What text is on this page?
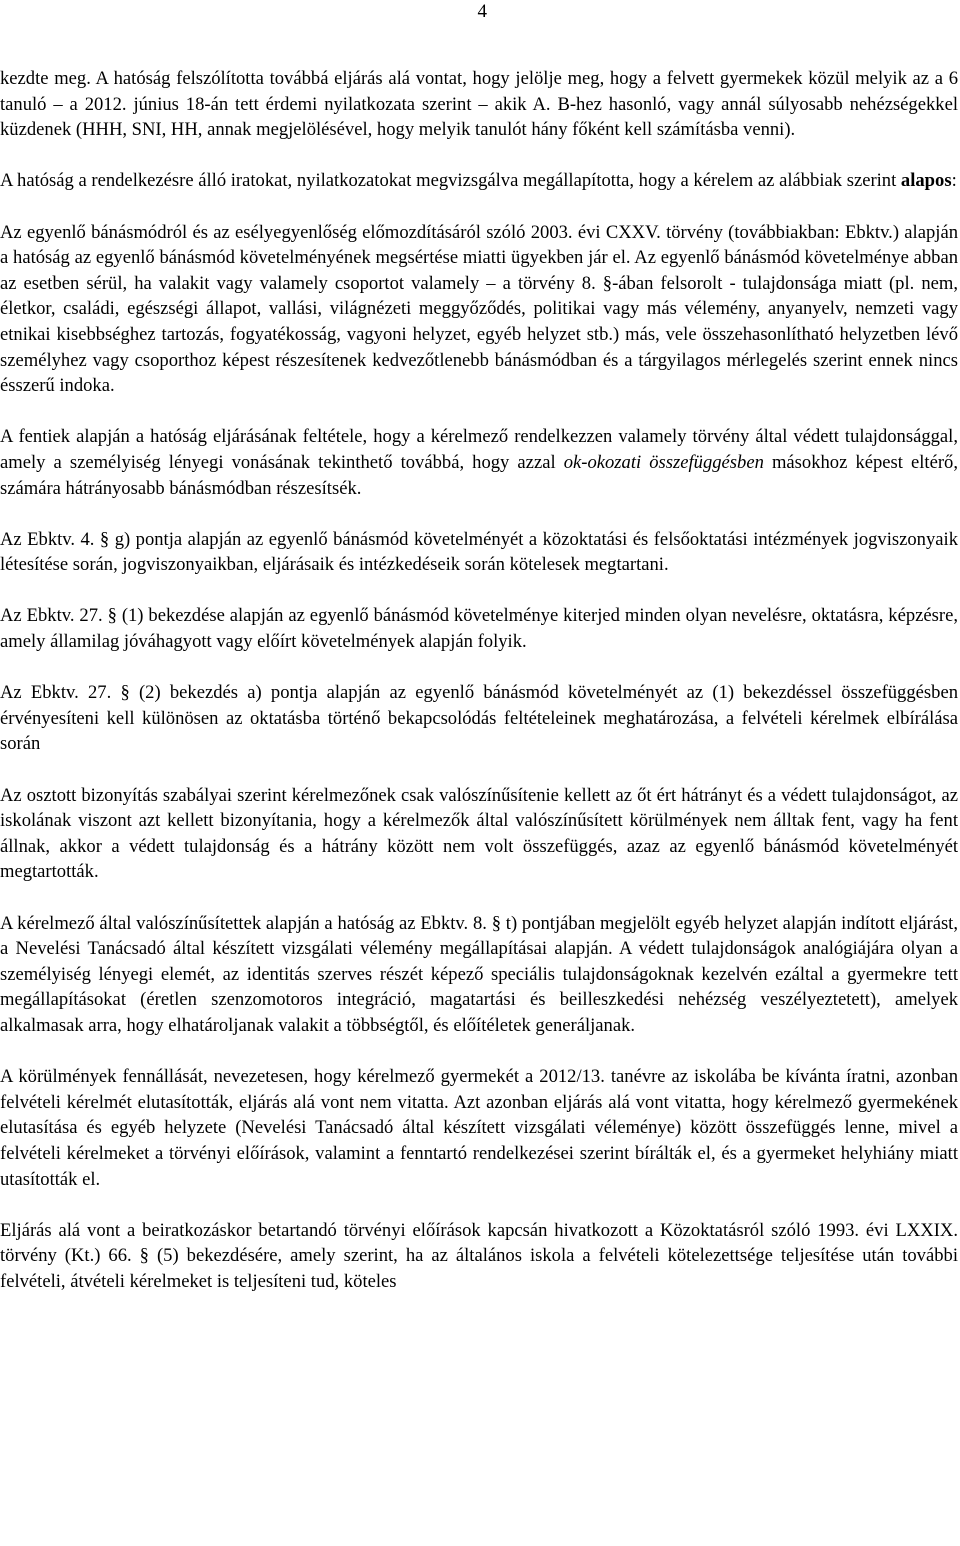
4

kezdte meg. A hatóság felszólította továbbá eljárás alá vontat, hogy jelölje meg, hogy a felvett gyermekek közül melyik az a 6 tanuló – a 2012. június 18-án tett érdemi nyilatkozata szerint – akik A. B-hez hasonló, vagy annál súlyosabb nehézségekkel küzdenek (HHH, SNI, HH, annak megjelölésével, hogy melyik tanulót hány főként kell számításba venni).

A hatóság a rendelkezésre álló iratokat, nyilatkozatokat megvizsgálva megállapította, hogy a kérelem az alábbiak szerint alapos:

Az egyenlő bánásmódról és az esélyegyenlőség előmozdításáról szóló 2003. évi CXXV. törvény (továbbiakban: Ebktv.) alapján a hatóság az egyenlő bánásmód követelményének megsértése miatti ügyekben jár el. Az egyenlő bánásmód követelménye abban az esetben sérül, ha valakit vagy valamely csoportot valamely – a törvény 8. §-ában felsorolt - tulajdonsága miatt (pl. nem, életkor, családi, egészségi állapot, vallási, világnézeti meggyőződés, politikai vagy más vélemény, anyanyelv, nemzeti vagy etnikai kisebbséghez tartozás, fogyatékosság, vagyoni helyzet, egyéb helyzet stb.) más, vele összehasonlítható helyzetben lévő személyhez vagy csoporthoz képest részesítenek kedvezőtlenebb bánásmódban és a tárgyilagos mérlegelés szerint ennek nincs ésszerű indoka.

A fentiek alapján a hatóság eljárásának feltétele, hogy a kérelmező rendelkezzen valamely törvény által védett tulajdonsággal, amely a személyiség lényegi vonásának tekinthető továbbá, hogy azzal ok-okozati összefüggésben másokhoz képest eltérő, számára hátrányosabb bánásmódban részesítsék.

Az Ebktv. 4. § g) pontja alapján az egyenlő bánásmód követelményét a közoktatási és felsőoktatási intézmények jogviszonyaik létesítése során, jogviszonyaikban, eljárásaik és intézkedéseik során kötelesek megtartani.

Az Ebktv. 27. § (1) bekezdése alapján az egyenlő bánásmód követelménye kiterjed minden olyan nevelésre, oktatásra, képzésre, amely államilag jóváhagyott vagy előírt követelmények alapján folyik.

Az Ebktv. 27. § (2) bekezdés a) pontja alapján az egyenlő bánásmód követelményét az (1) bekezdéssel összefüggésben érvényesíteni kell különösen az oktatásba történő bekapcsolódás feltételeinek meghatározása, a felvételi kérelmek elbírálása során

Az osztott bizonyítás szabályai szerint kérelmezőnek csak valószínűsítenie kellett az őt ért hátrányt és a védett tulajdonságot, az iskolának viszont azt kellett bizonyítania, hogy a kérelmezők által valószínűsített körülmények nem álltak fent, vagy ha fent állnak, akkor a védett tulajdonság és a hátrány között nem volt összefüggés, azaz az egyenlő bánásmód követelményét megtartották.

A kérelmező által valószínűsítettek alapján a hatóság az Ebktv. 8. § t) pontjában megjelölt egyéb helyzet alapján indított eljárást, a Nevelési Tanácsadó által készített vizsgálati vélemény megállapításai alapján. A védett tulajdonságok analógiájára olyan a személyiség lényegi elemét, az identitás szerves részét képező speciális tulajdonságoknak kezelvén ezáltal a gyermekre tett megállapításokat (éretlen szenzomotoros integráció, magatartási és beilleszkedési nehézség veszélyeztetett), amelyek alkalmasak arra, hogy elhatároljanak valakit a többségtől, és előítéletek generáljanak.

A körülmények fennállását, nevezetesen, hogy kérelmező gyermekét a 2012/13. tanévre az iskolába be kívánta íratni, azonban felvételi kérelmét elutasították, eljárás alá vont nem vitatta. Azt azonban eljárás alá vont vitatta, hogy kérelmező gyermekének elutasítása és egyéb helyzete (Nevelési Tanácsadó által készített vizsgálati véleménye) között összefüggés lenne, mivel a felvételi kérelmeket a törvényi előírások, valamint a fenntartó rendelkezései szerint bírálták el, és a gyermeket helyhiány miatt utasították el.

Eljárás alá vont a beiratkozáskor betartandó törvényi előírások kapcsán hivatkozott a Közoktatásról szóló 1993. évi LXXIX. törvény (Kt.) 66. § (5) bekezdésére, amely szerint, ha az általános iskola a felvételi kötelezettsége teljesítése után további felvételi, átvételi kérelmeket is teljesíteni tud, köteles
